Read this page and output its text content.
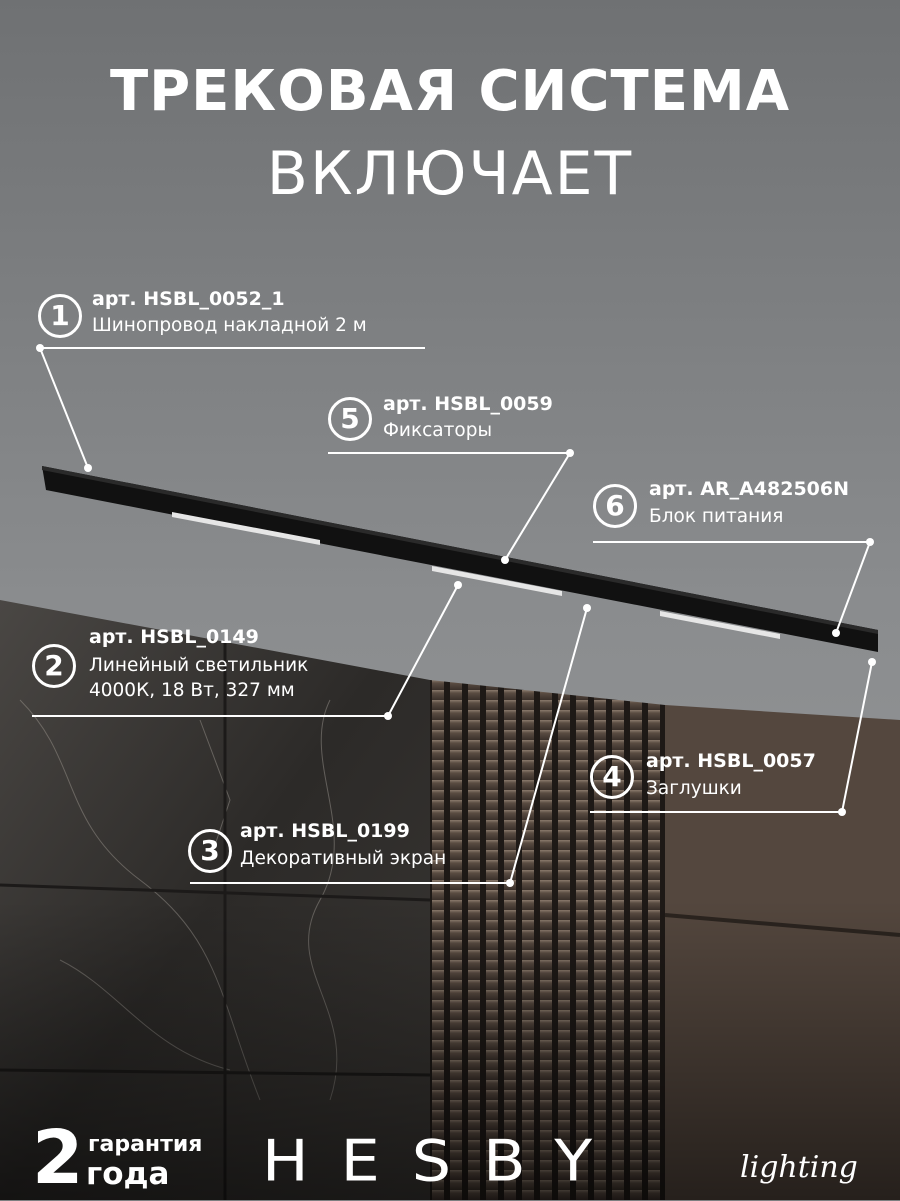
ТРЕКОВАЯ СИСТЕМА
ВКЛЮЧАЕТ
1	арт. HSBL_0052_1
Шинопровод накладной 2 м
5	арт. HSBL_0059
Фиксаторы
6	арт. AR_A482506N
Блок питания
2
арт. HSBL_0149
Линейный светильник
4000К, 18 Вт, 327 мм
4	арт. HSBL_0057
Заглушки
3
арт. HSBL_0199
Декоративный экран
2 гарантия
года HESBY	lighting
